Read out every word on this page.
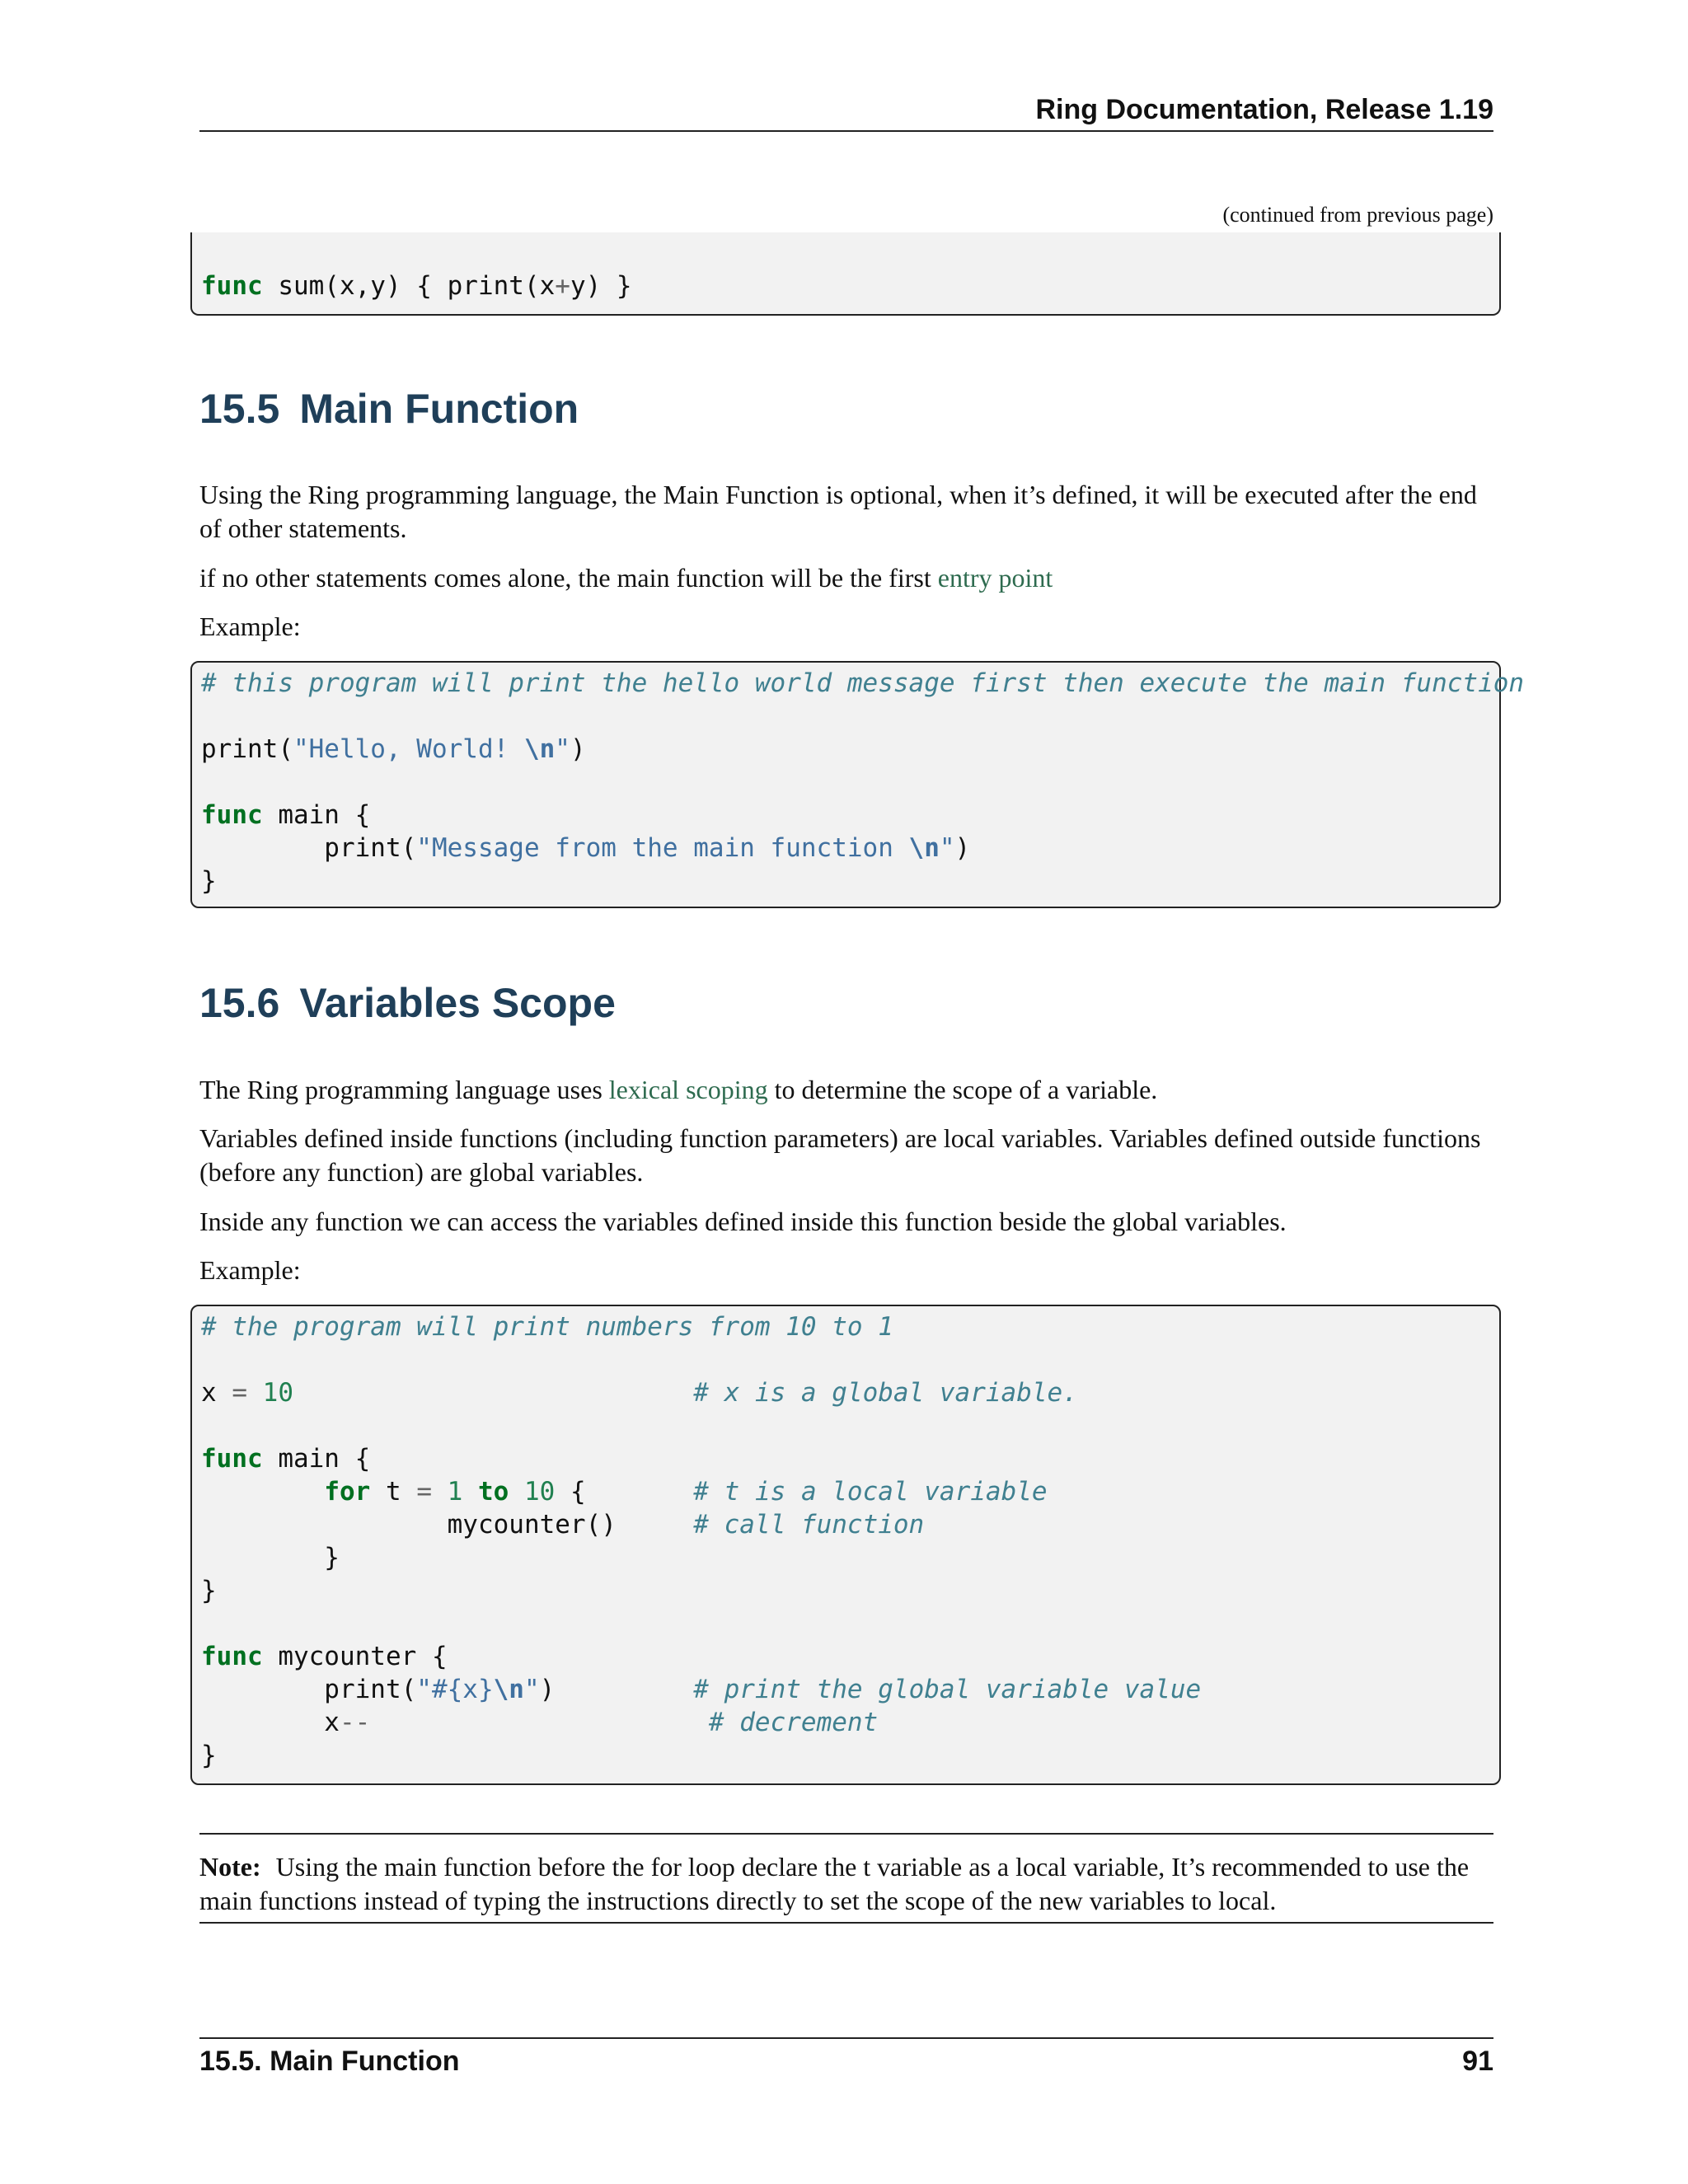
Ring Documentation, Release 1.19
(continued from previous page)
func sum(x,y) { print(x+y) }
15.5 Main Function

Using the Ring programming language, the Main Function is optional, when it’s defined, it will be executed after the end of other statements.

if no other statements comes alone, the main function will be the first entry point

Example:

# this program will print the hello world message first then execute the main function
print("Hello, World! \n")
func main {
print("Message from the main function \n")
}
15.6 Variables Scope

The Ring programming language uses lexical scoping to determine the scope of a variable.

Variables defined inside functions (including function parameters) are local variables. Variables defined outside functions (before any function) are global variables.

Inside any function we can access the variables defined inside this function beside the global variables.

Example:

# the program will print numbers from 10 to 1
x = 10	# x is a global variable.
func main {
for t = 1 to 10 {	# t is a local variable
mycounter()	# call function
}
}
func mycounter {
print("#{x}\n")	# print the global variable value
x--	# decrement
}
Note: Using the main function before the for loop declare the t variable as a local variable, It’s recommended to use the main functions instead of typing the instructions directly to set the scope of the new variables to local.
15.5. Main Function	91
